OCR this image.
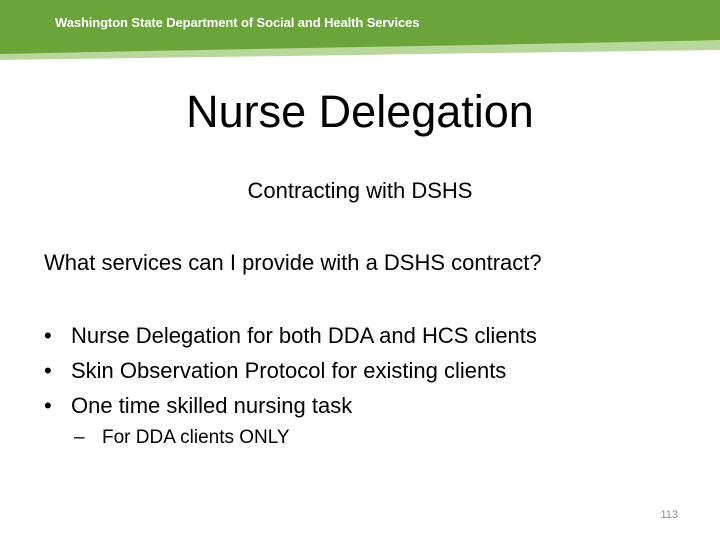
Washington State Department of Social and Health Services
Nurse Delegation
Contracting with DSHS
What services can I provide with a DSHS contract?
• Nurse Delegation for both DDA and HCS clients
• Skin Observation Protocol for existing clients
• One time skilled nursing task
– For DDA clients ONLY
113
